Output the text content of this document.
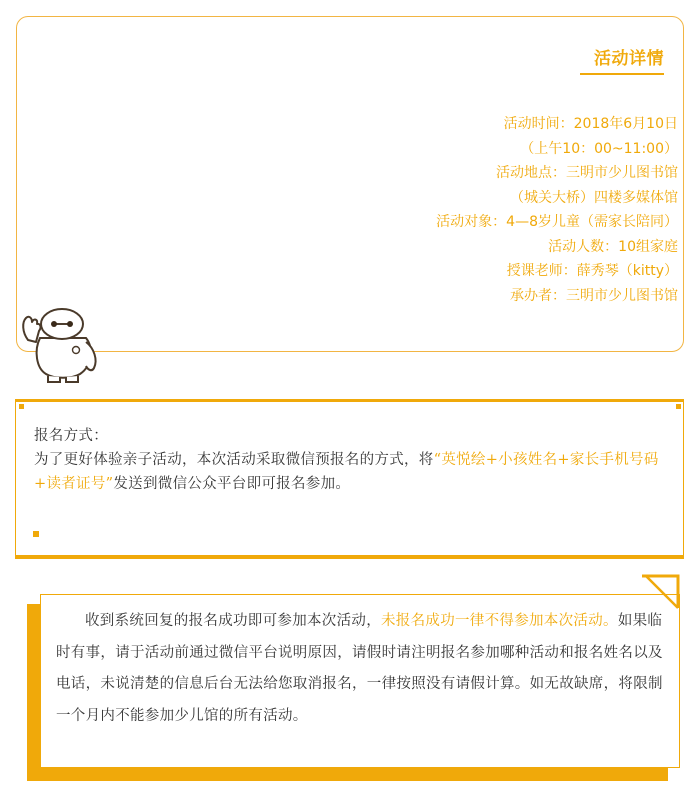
活动详情
活动时间：2018年6月10日
（上午10：00~11:00）
活动地点：三明市少儿图书馆
（城关大桥）四楼多媒体馆
活动对象：4—8岁儿童（需家长陪同）
活动人数：10组家庭
授课老师：薛秀琴（kitty）
承办者：三明市少儿图书馆
报名方式：
为了更好体验亲子活动，本次活动采取微信预报名的方式，将“英悦绘+小孩姓名+家长手机号码+读者证号”发送到微信公众平台即可报名参加。
收到系统回复的报名成功即可参加本次活动，未报名成功一律不得参加本次活动。如果临时有事，请于活动前通过微信平台说明原因，请假时请注明报名参加哪种活动和报名姓名以及电话，未说清楚的信息后台无法给您取消报名，一律按照没有请假计算。如无故缺席，将限制一个月内不能参加少儿馆的所有活动。
